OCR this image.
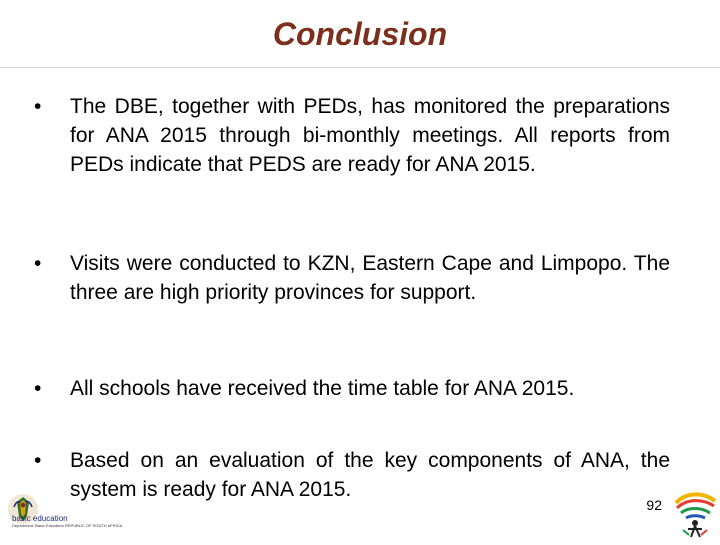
Conclusion
•	The DBE, together with PEDs, has monitored the preparations for ANA 2015 through bi-monthly meetings. All reports from PEDs indicate that PEDS are ready for ANA 2015.
•	Visits were conducted to KZN, Eastern Cape and Limpopo. The three are high priority provinces for support.
•	All schools have received the time table for ANA 2015.
•	Based on an evaluation of the key components of ANA, the system is ready for ANA 2015.
basic education
Department: Basic Education REPUBLIC OF SOUTH AFRICA
92
